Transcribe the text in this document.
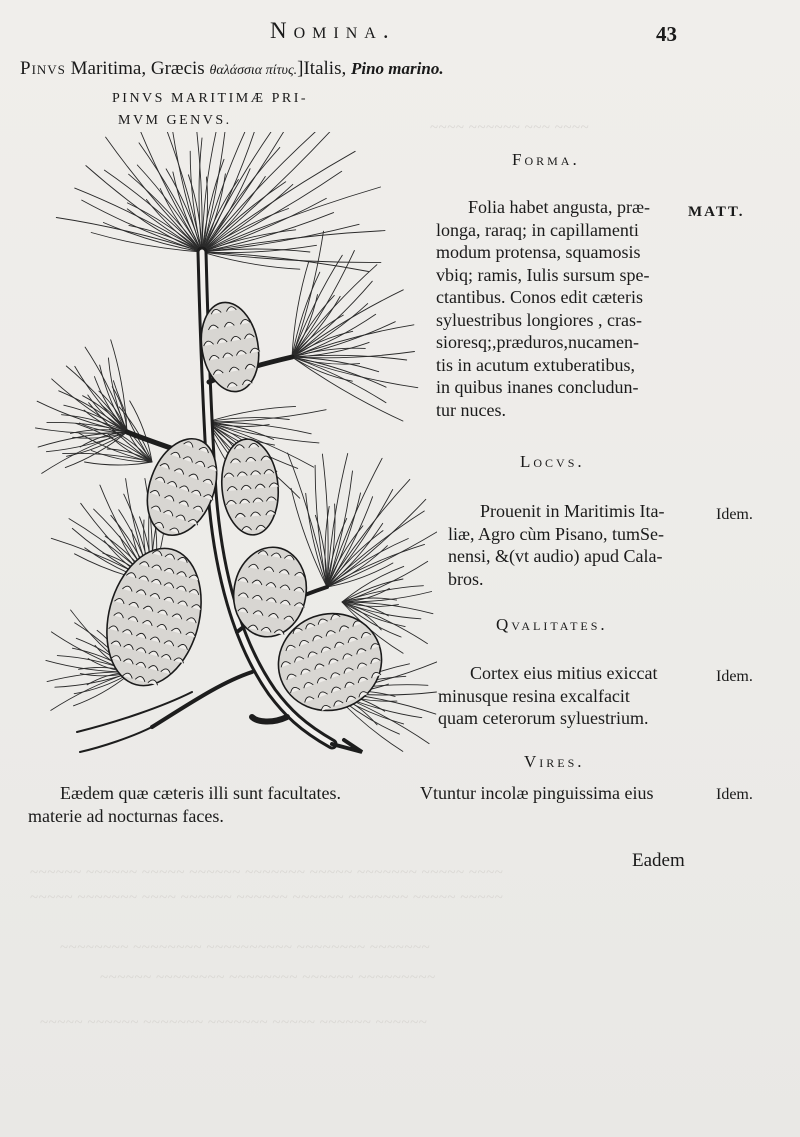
~~~~ ~~~~~~ ~~~ ~~~~
~~~~~~ ~~~~~~ ~~~~~ ~~~~~~ ~~~~~~~ ~~~~~ ~~~~~~~ ~~~~~ ~~~~
~~~~~ ~~~~~~~ ~~~~ ~~~~~~ ~~~~~~ ~~~~~~ ~~~~~~~ ~~~~~ ~~~~~
~~~~~~~~ ~~~~~~~~ ~~~~~~~~~~ ~~~~~~~~ ~~~~~~~
~~~~~~ ~~~~~~~~ ~~~~~~~~ ~~~~~~ ~~~~~~~~~
~~~~~ ~~~~~~ ~~~~~~~ ~~~~~~~ ~~~~~ ~~~~~~ ~~~~~~
Nomina.	43
Pinvs Maritima, Græcis θαλάσσια πίτυς.]Italis, Pino marino.
PINVS MARITIMÆ PRI-
MVM GENVS.
Forma.
Folia habet angusta, præ-
longa, raraq; in capillamenti
modum protensa, squamosis
vbiq; ramis, Iulis sursum spe-
ctantibus. Conos edit cæteris
syluestribus longiores , cras-
sioresq;,præduros,nucamen-
tis in acutum extuberatibus,
in quibus inanes concludun-
tur nuces.
MATT.
Locvs.
Prouenit in Maritimis Ita-
liæ, Agro cùm Pisano, tumSe-
nensi, &(vt audio) apud Cala-
bros.
Idem.
Qvalitates.
Cortex eius mitius exiccat
minusque resina excalfacit
quam ceterorum syluestrium.
Idem.
Vires.
Vtuntur incolæ pinguissima eius	Idem.
Eædem quæ cæteris illi sunt facultates.
materie ad nocturnas faces.
Eadem
